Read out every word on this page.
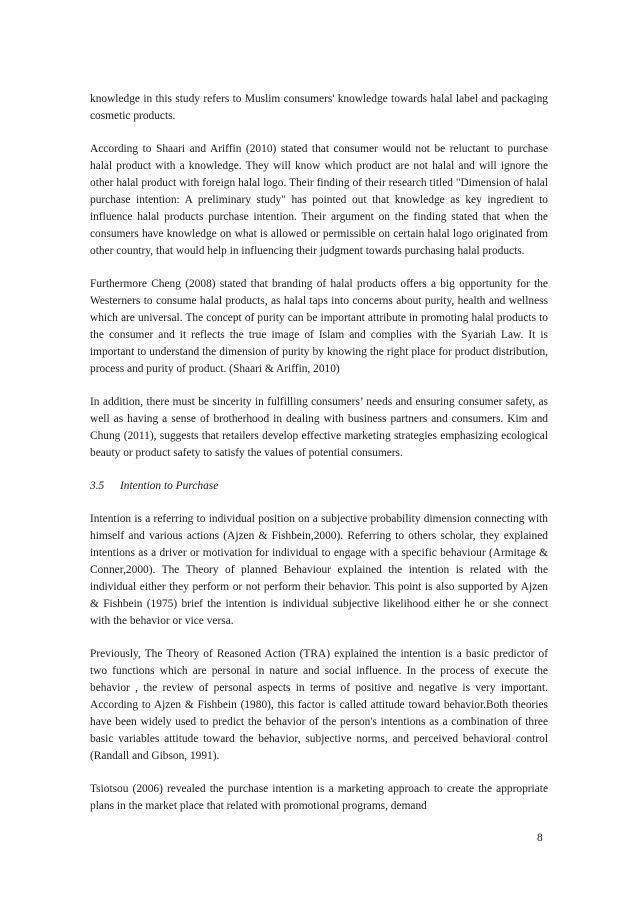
knowledge in this study refers to Muslim consumers' knowledge towards halal label and packaging cosmetic products.

According to Shaari and Ariffin (2010) stated that consumer would not be reluctant to purchase halal product with a knowledge. They will know which product are not halal and will ignore the other halal product with foreign halal logo. Their finding of their research titled "Dimension of halal purchase intention: A preliminary study" has pointed out that knowledge as key ingredient to influence halal products purchase intention. Their argument on the finding stated that when the consumers have knowledge on what is allowed or permissible on certain halal logo originated from other country, that would help in influencing their judgment towards purchasing halal products.

Furthermore Cheng (2008) stated that branding of halal products offers a big opportunity for the Westerners to consume halal products, as halal taps into concerns about purity, health and wellness which are universal. The concept of purity can be important attribute in promoting halal products to the consumer and it reflects the true image of Islam and complies with the Syariah Law. It is important to understand the dimension of purity by knowing the right place for product distribution, process and purity of product. (Shaari & Ariffin, 2010)

In addition, there must be sincerity in fulfilling consumers’ needs and ensuring consumer safety, as well as having a sense of brotherhood in dealing with business partners and consumers. Kim and Chung (2011), suggests that retailers develop effective marketing strategies emphasizing ecological beauty or product safety to satisfy the values of potential consumers.

3.5	Intention to Purchase

Intention is a referring to individual position on a subjective probability dimension connecting with himself and various actions (Ajzen & Fishbein,2000). Referring to others scholar, they explained intentions as a driver or motivation for individual to engage with a specific behaviour (Armitage & Conner,2000). The Theory of planned Behaviour explained the intention is related with the individual either they perform or not perform their behavior. This point is also supported by Ajzen & Fishbein (1975) brief the intention is individual subjective likelihood either he or she connect with the behavior or vice versa.

Previously, The Theory of Reasoned Action (TRA) explained the intention is a basic predictor of two functions which are personal in nature and social influence. In the process of execute the behavior , the review of personal aspects in terms of positive and negative is very important. According to Ajzen & Fishbein (1980), this factor is called attitude toward behavior.Both theories have been widely used to predict the behavior of the person's intentions as a combination of three basic variables attitude toward the behavior, subjective norms, and perceived behavioral control (Randall and Gibson, 1991).

Tsiotsou (2006) revealed the purchase intention is a marketing approach to create the appropriate plans in the market place that related with promotional programs, demand

8
